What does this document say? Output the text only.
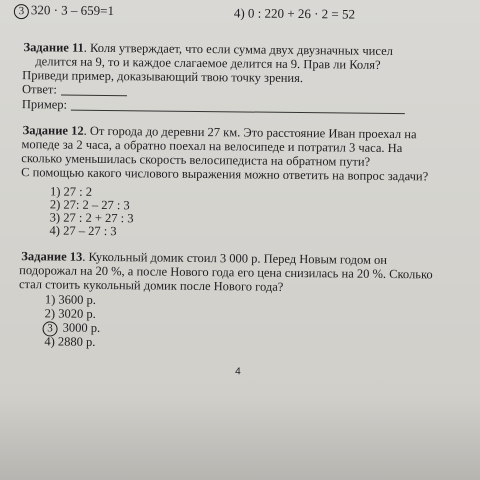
3 320 · 3 – 659=1	4) 0 : 220 + 26 · 2 = 52
Задание 11. Коля утверждает, что если сумма двух двузначных чисел
делится на 9, то и каждое слагаемое делится на 9. Прав ли Коля?
Приведи пример, доказывающий твою точку зрения.
Ответ:
Пример:
Задание 12. От города до деревни 27 км. Это расстояние Иван проехал на
мопеде за 2 часа, а обратно поехал на велосипеде и потратил 3 часа. На
сколько уменьшилась скорость велосипедиста на обратном пути?
С помощью какого числового выражения можно ответить на вопрос задачи?
1) 27 : 2
2) 27: 2 – 27 : 3
3) 27 : 2 + 27 : 3
4) 27 – 27 : 3
Задание 13. Кукольный домик стоил 3 000 р. Перед Новым годом он
подорожал на 20 %, а после Нового года его цена снизилась на 20 %. Сколько
стал стоить кукольный домик после Нового года?
1) 3600 р.
2) 3020 р.
3 3000 р.
4) 2880 р.
4
